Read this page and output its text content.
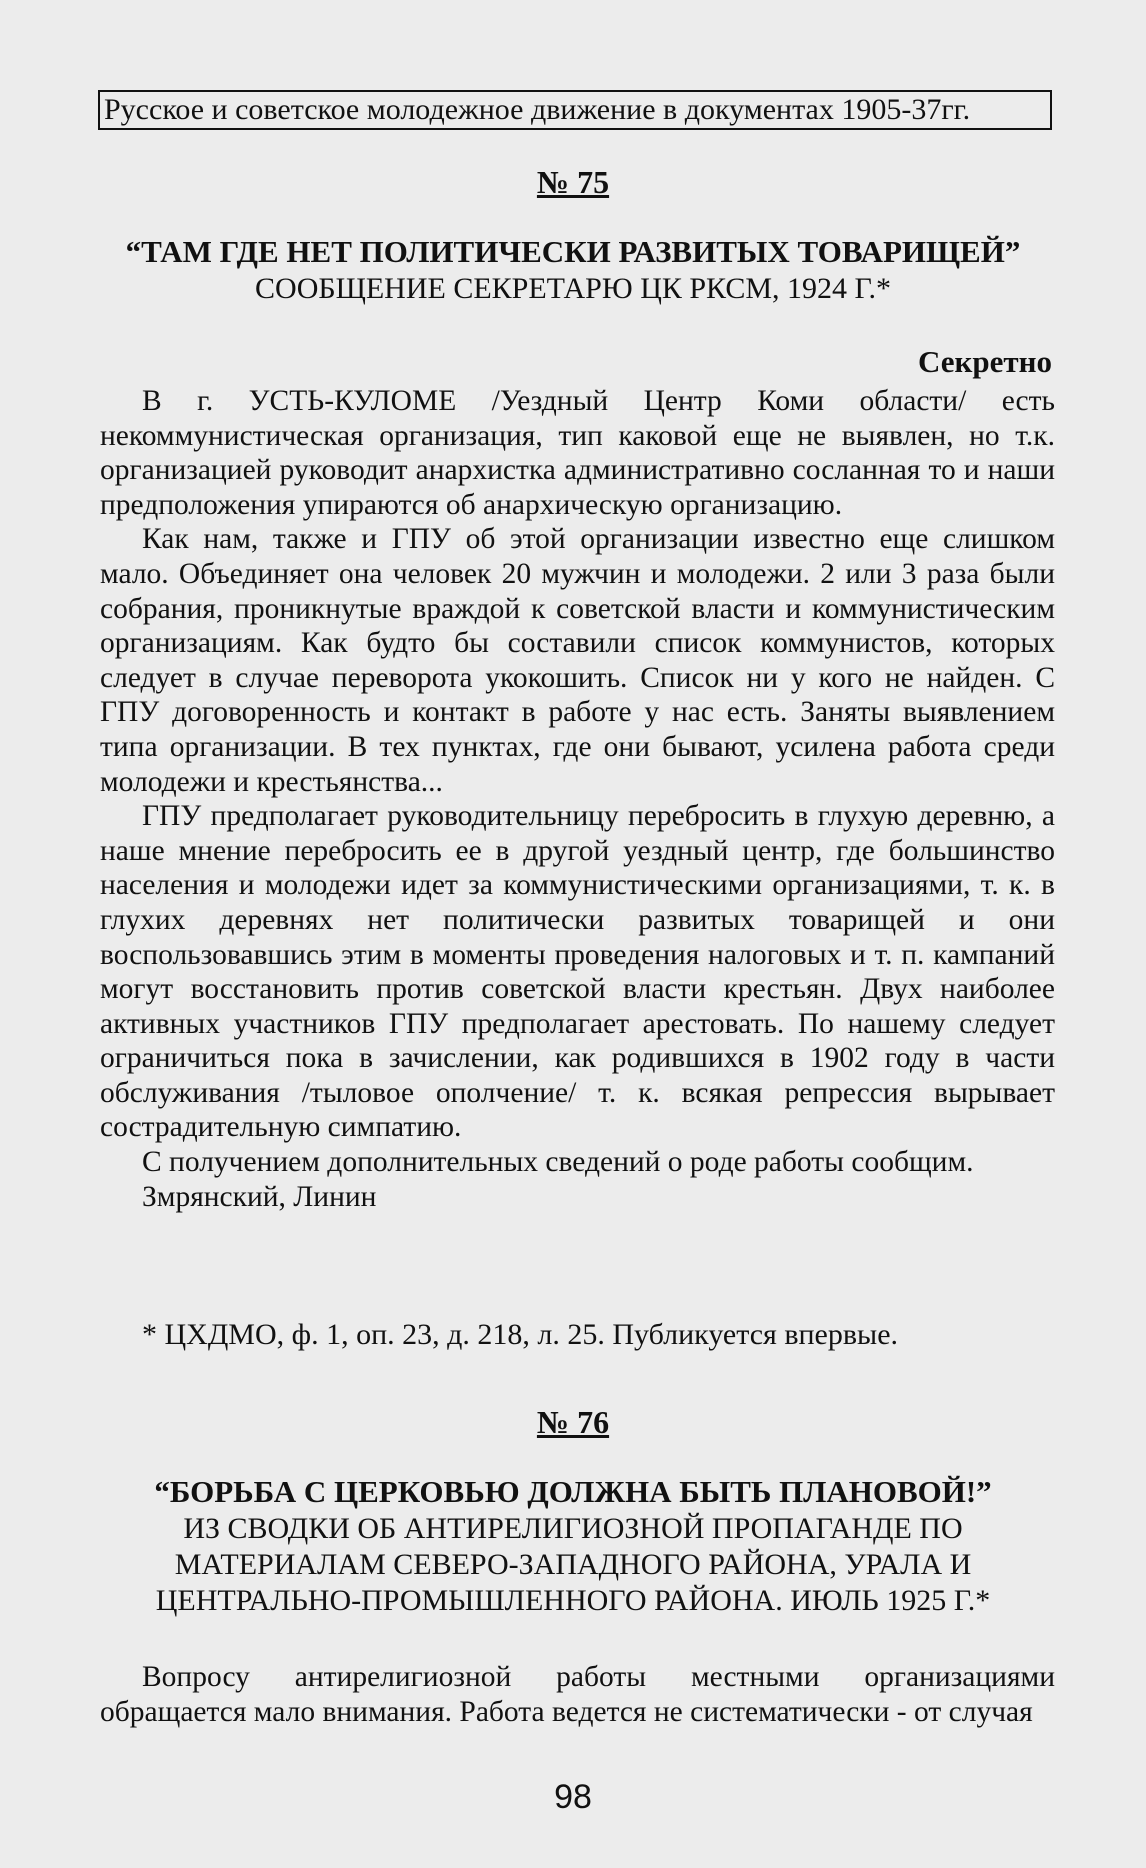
Русское и советское молодежное движение в документах 1905-37гг.
№ 75
“ТАМ ГДЕ НЕТ ПОЛИТИЧЕСКИ РАЗВИТЫХ ТОВАРИЩЕЙ”
СООБЩЕНИЕ СЕКРЕТАРЮ ЦК РКСМ, 1924 Г.*
Секретно

В г. УСТЬ-КУЛОМЕ /Уездный Центр Коми области/ есть некоммунистическая организация, тип каковой еще не выявлен, но т.к. организацией руководит анархистка административно сосланная то и наши предположения упираются об анархическую организацию.

Как нам, также и ГПУ об этой организации известно еще слишком мало. Объединяет она человек 20 мужчин и молодежи. 2 или 3 раза были собрания, проникнутые враждой к советской власти и коммунистическим организациям. Как будто бы составили список коммунистов, которых следует в случае переворота укокошить. Список ни у кого не найден. С ГПУ договоренность и контакт в работе у нас есть. Заняты выявлением типа организации. В тех пунктах, где они бывают, усилена работа среди молодежи и крестьянства...

ГПУ предполагает руководительницу перебросить в глухую деревню, а наше мнение перебросить ее в другой уездный центр, где большинство населения и молодежи идет за коммунистическими организациями, т. к. в глухих деревнях нет политически развитых товарищей и они воспользовавшись этим в моменты проведения налоговых и т. п. кампаний могут восстановить против советской власти крестьян. Двух наиболее активных участников ГПУ предполагает арестовать. По нашему следует ограничиться пока в зачислении, как родившихся в 1902 году в части обслуживания /тыловое ополчение/ т. к. всякая репрессия вырывает сострадительную симпатию.

С получением дополнительных сведений о роде работы сообщим.

Змрянский, Линин

* ЦХДМО, ф. 1, оп. 23, д. 218, л. 25. Публикуется впервые.
№ 76
“БОРЬБА С ЦЕРКОВЬЮ ДОЛЖНА БЫТЬ ПЛАНОВОЙ!”
ИЗ СВОДКИ ОБ АНТИРЕЛИГИОЗНОЙ ПРОПАГАНДЕ ПО
МАТЕРИАЛАМ СЕВЕРО-ЗАПАДНОГО РАЙОНА, УРАЛА И
ЦЕНТРАЛЬНО-ПРОМЫШЛЕННОГО РАЙОНА. ИЮЛЬ 1925 Г.*

Вопросу антирелигиозной работы местными организациями обращается мало внимания. Работа ведется не систематически - от случая

98
